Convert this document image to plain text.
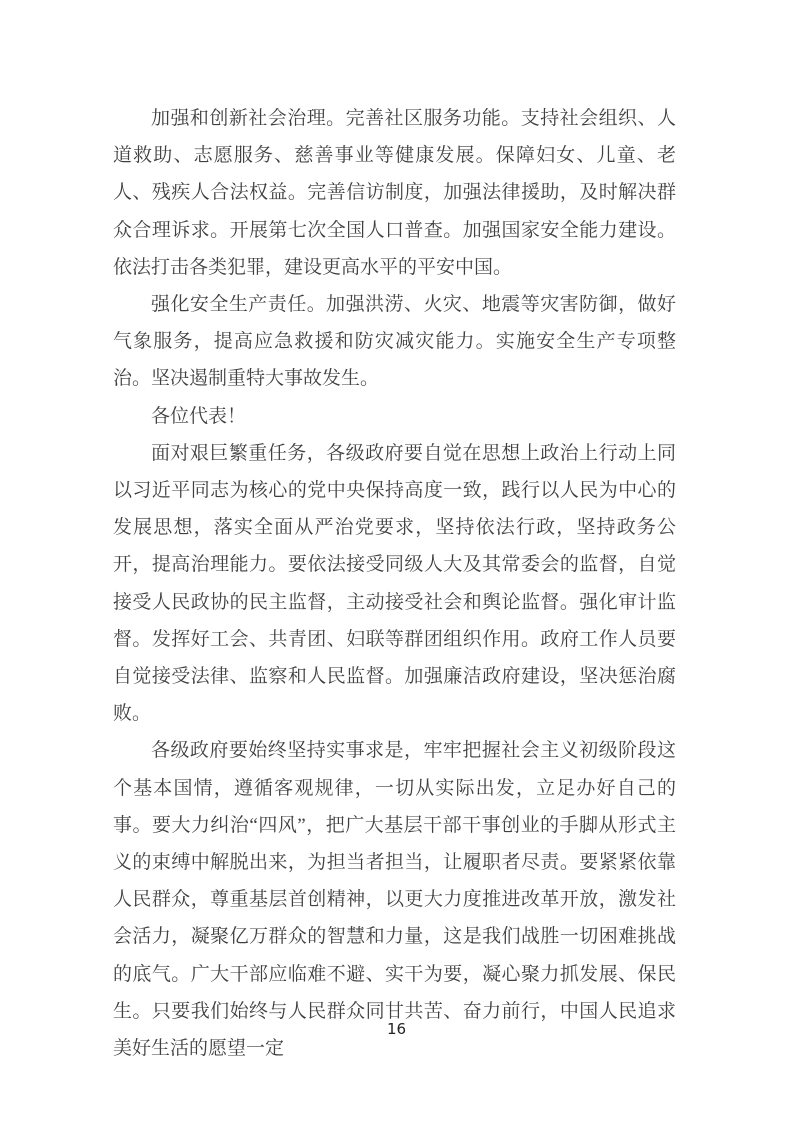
加强和创新社会治理。完善社区服务功能。支持社会组织、人道救助、志愿服务、慈善事业等健康发展。保障妇女、儿童、老人、残疾人合法权益。完善信访制度，加强法律援助，及时解决群众合理诉求。开展第七次全国人口普查。加强国家安全能力建设。依法打击各类犯罪，建设更高水平的平安中国。

强化安全生产责任。加强洪涝、火灾、地震等灾害防御，做好气象服务，提高应急救援和防灾减灾能力。实施安全生产专项整治。坚决遏制重特大事故发生。

各位代表！

面对艰巨繁重任务，各级政府要自觉在思想上政治上行动上同以习近平同志为核心的党中央保持高度一致，践行以人民为中心的发展思想，落实全面从严治党要求，坚持依法行政，坚持政务公开，提高治理能力。要依法接受同级人大及其常委会的监督，自觉接受人民政协的民主监督，主动接受社会和舆论监督。强化审计监督。发挥好工会、共青团、妇联等群团组织作用。政府工作人员要自觉接受法律、监察和人民监督。加强廉洁政府建设，坚决惩治腐败。

各级政府要始终坚持实事求是，牢牢把握社会主义初级阶段这个基本国情，遵循客观规律，一切从实际出发，立足办好自己的事。要大力纠治“四风”，把广大基层干部干事创业的手脚从形式主义的束缚中解脱出来，为担当者担当，让履职者尽责。要紧紧依靠人民群众，尊重基层首创精神，以更大力度推进改革开放，激发社会活力，凝聚亿万群众的智慧和力量，这是我们战胜一切困难挑战的底气。广大干部应临难不避、实干为要，凝心聚力抓发展、保民生。只要我们始终与人民群众同甘共苦、奋力前行，中国人民追求美好生活的愿望一定

16
